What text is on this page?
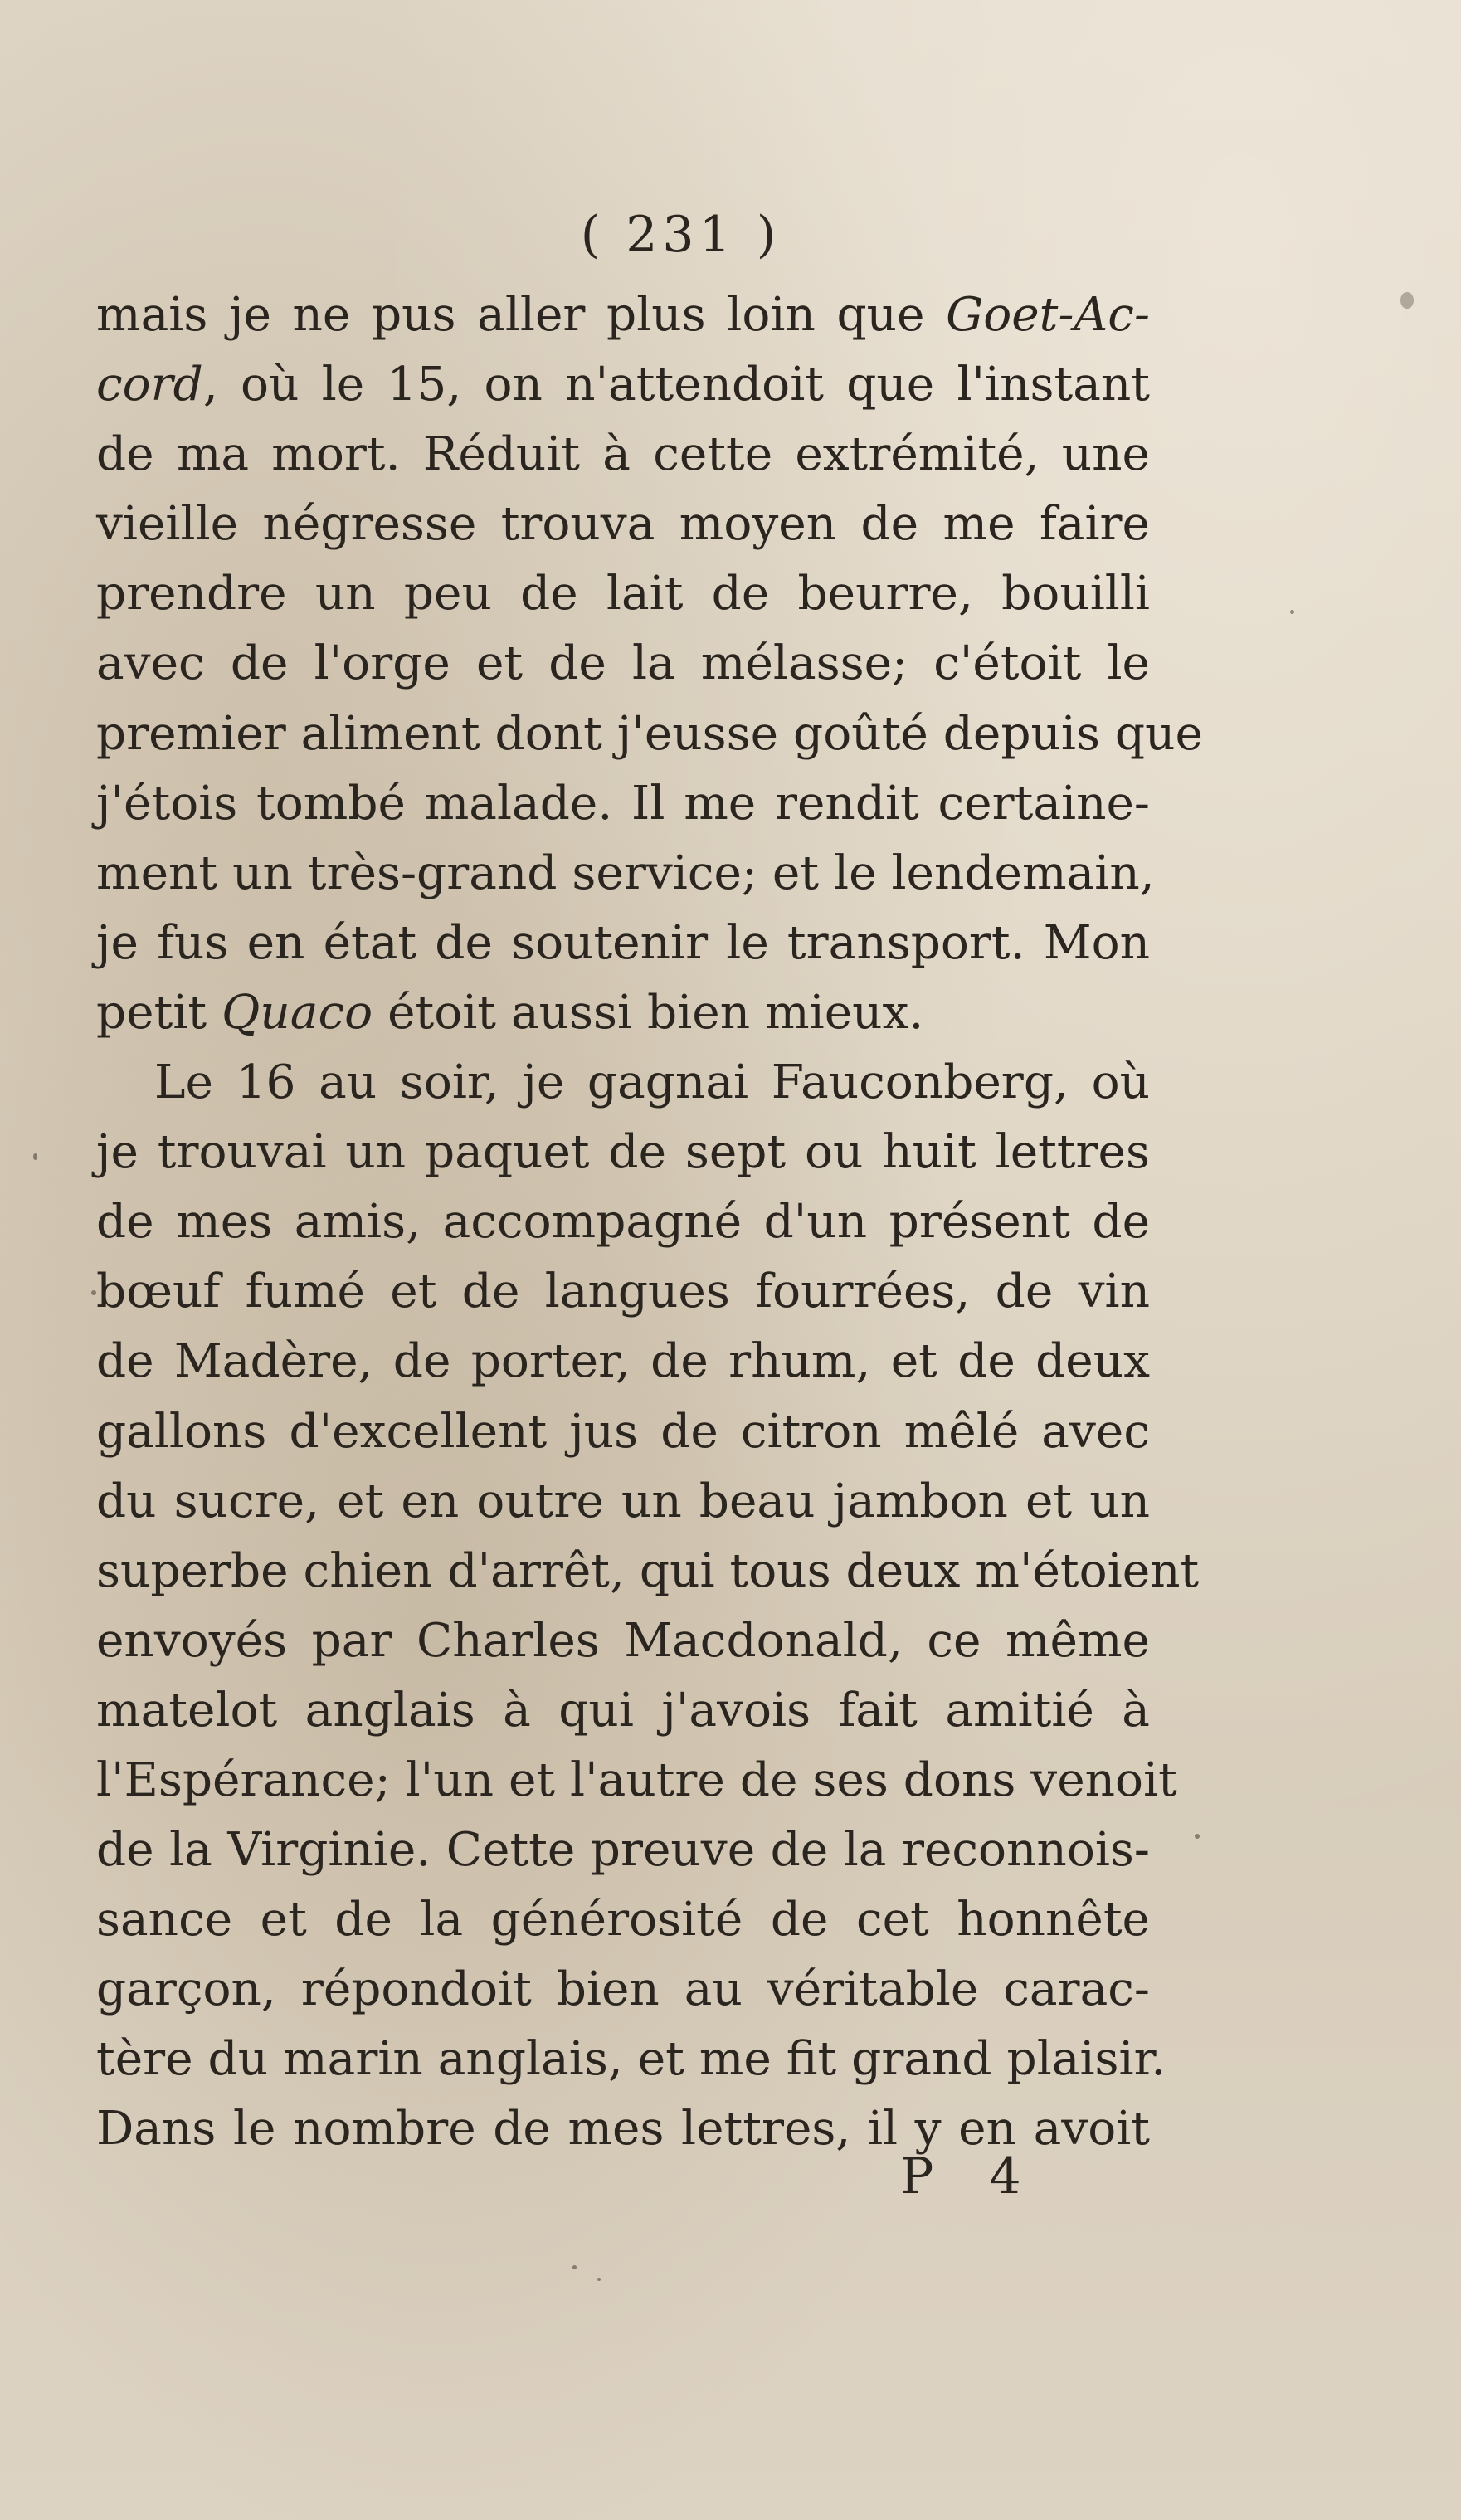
( 231 )
mais je ne pus aller plus loin que Goet-Ac-
cord, où le 15, on n'attendoit que l'instant
de ma mort. Réduit à cette extrémité, une
vieille négresse trouva moyen de me faire
prendre un peu de lait de beurre, bouilli
avec de l'orge et de la mélasse; c'étoit le
premier aliment dont j'eusse goûté depuis que
j'étois tombé malade. Il me rendit certaine-
ment un très-grand service; et le lendemain,
je fus en état de soutenir le transport. Mon
petit Quaco étoit aussi bien mieux.
Le 16 au soir, je gagnai Fauconberg, où
je trouvai un paquet de sept ou huit lettres
de mes amis, accompagné d'un présent de
bœuf fumé et de langues fourrées, de vin
de Madère, de porter, de rhum, et de deux
gallons d'excellent jus de citron mêlé avec
du sucre, et en outre un beau jambon et un
superbe chien d'arrêt, qui tous deux m'étoient
envoyés par Charles Macdonald, ce même
matelot anglais à qui j'avois fait amitié à
l'Espérance; l'un et l'autre de ses dons venoit
de la Virginie. Cette preuve de la reconnois-
sance et de la générosité de cet honnête
garçon, répondoit bien au véritable carac-
tère du marin anglais, et me fit grand plaisir.
Dans le nombre de mes lettres, il y en avoit
P 4
